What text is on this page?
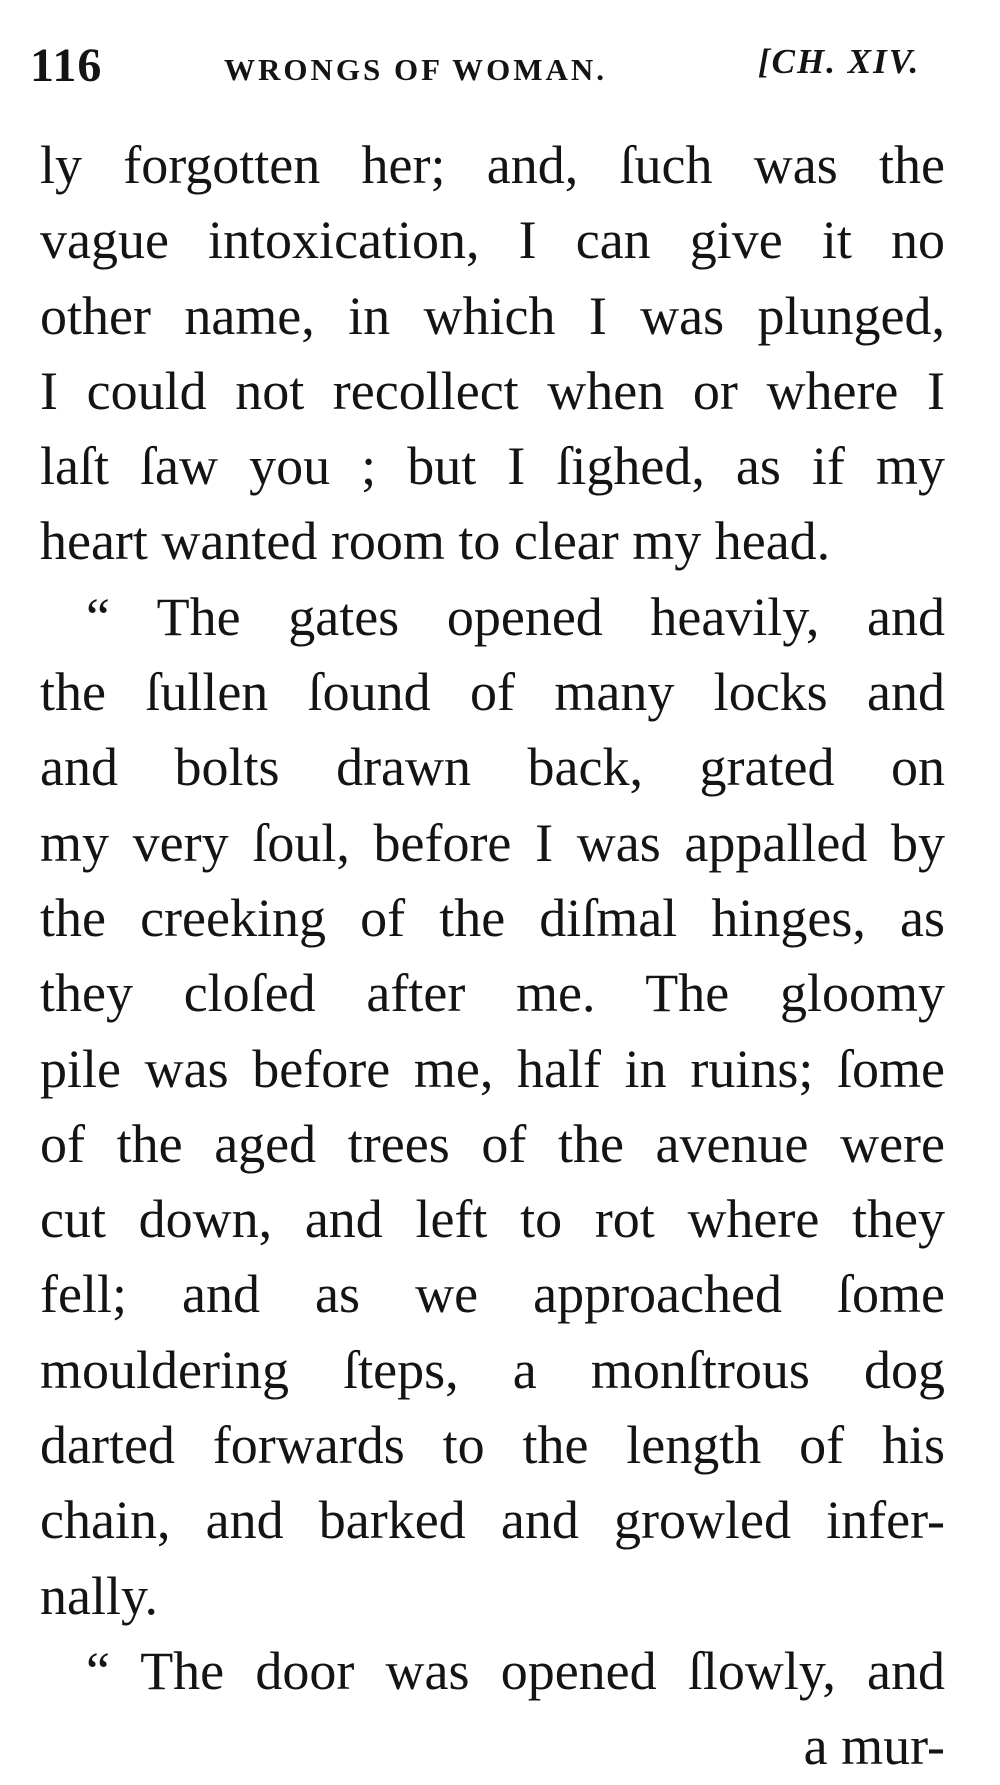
116	WRONGS OF WOMAN.	[CH. XIV.
ly forgotten her; and, ſuch was the
vague intoxication, I can give it no
other name, in which I was plunged,
I could not recollect when or where I
laſt ſaw you ; but I ſighed, as if my
heart wanted room to clear my head.
“ The gates opened heavily, and
the ſullen ſound of many locks and
and bolts drawn back, grated on
my very ſoul, before I was appalled by
the creeking of the diſmal hinges, as
they cloſed after me. The gloomy
pile was before me, half in ruins; ſome
of the aged trees of the avenue were
cut down, and left to rot where they
fell; and as we approached ſome
mouldering ſteps, a monſtrous dog
darted forwards to the length of his
chain, and barked and growled infer-
nally.
“ The door was opened ſlowly, and
a mur-
